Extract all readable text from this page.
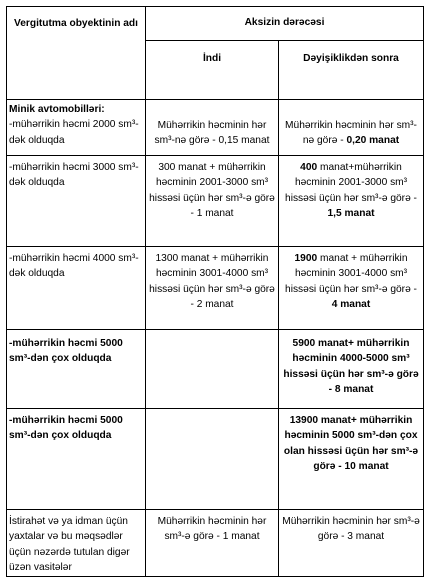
Vergitutma obyektinin adı	Aksizin dərəcəsi	
	İndi	Dəyişiklikdən sonra
Minik avtomobilləri:
-mühərrikin həcmi 2000 sm³-dək olduqda	Mühərrikin həcminin hər sm³-nə görə - 0,15 manat	Mühərrikin həcminin hər sm³-nə görə - 0,20 manat
-mühərrikin həcmi 3000 sm³-dək olduqda	300 manat + mühərrikin həcminin 2001-3000 sm³ hissəsi üçün hər sm³-ə görə - 1 manat	400 manat+mühərrikin həcminin 2001-3000 sm³ hissəsi üçün hər sm³-ə görə - 1,5 manat
-mühərrikin həcmi 4000 sm³-dək olduqda	1300 manat + mühərrikin həcminin 3001-4000 sm³ hissəsi üçün hər sm³-ə görə - 2 manat	1900 manat + mühərrikin həcminin 3001-4000 sm³ hissəsi üçün hər sm³-ə görə - 4 manat
-mühərrikin həcmi 5000 sm³-dən çox olduqda		5900 manat+ mühərrikin həcminin 4000-5000 sm³ hissəsi üçün hər sm³-ə görə - 8 manat
-mühərrikin həcmi 5000 sm³-dən çox olduqda		13900 manat+ mühərrikin həcminin 5000 sm³-dən çox olan hissəsi üçün hər sm³-ə görə - 10 manat
İstirahət və ya idman üçün yaxtalar və bu məqsədlər üçün nəzərdə tutulan digər üzən vasitələr	Mühərrikin həcminin hər sm³-ə görə - 1 manat	Mühərrikin həcminin hər sm³-ə görə - 3 manat
